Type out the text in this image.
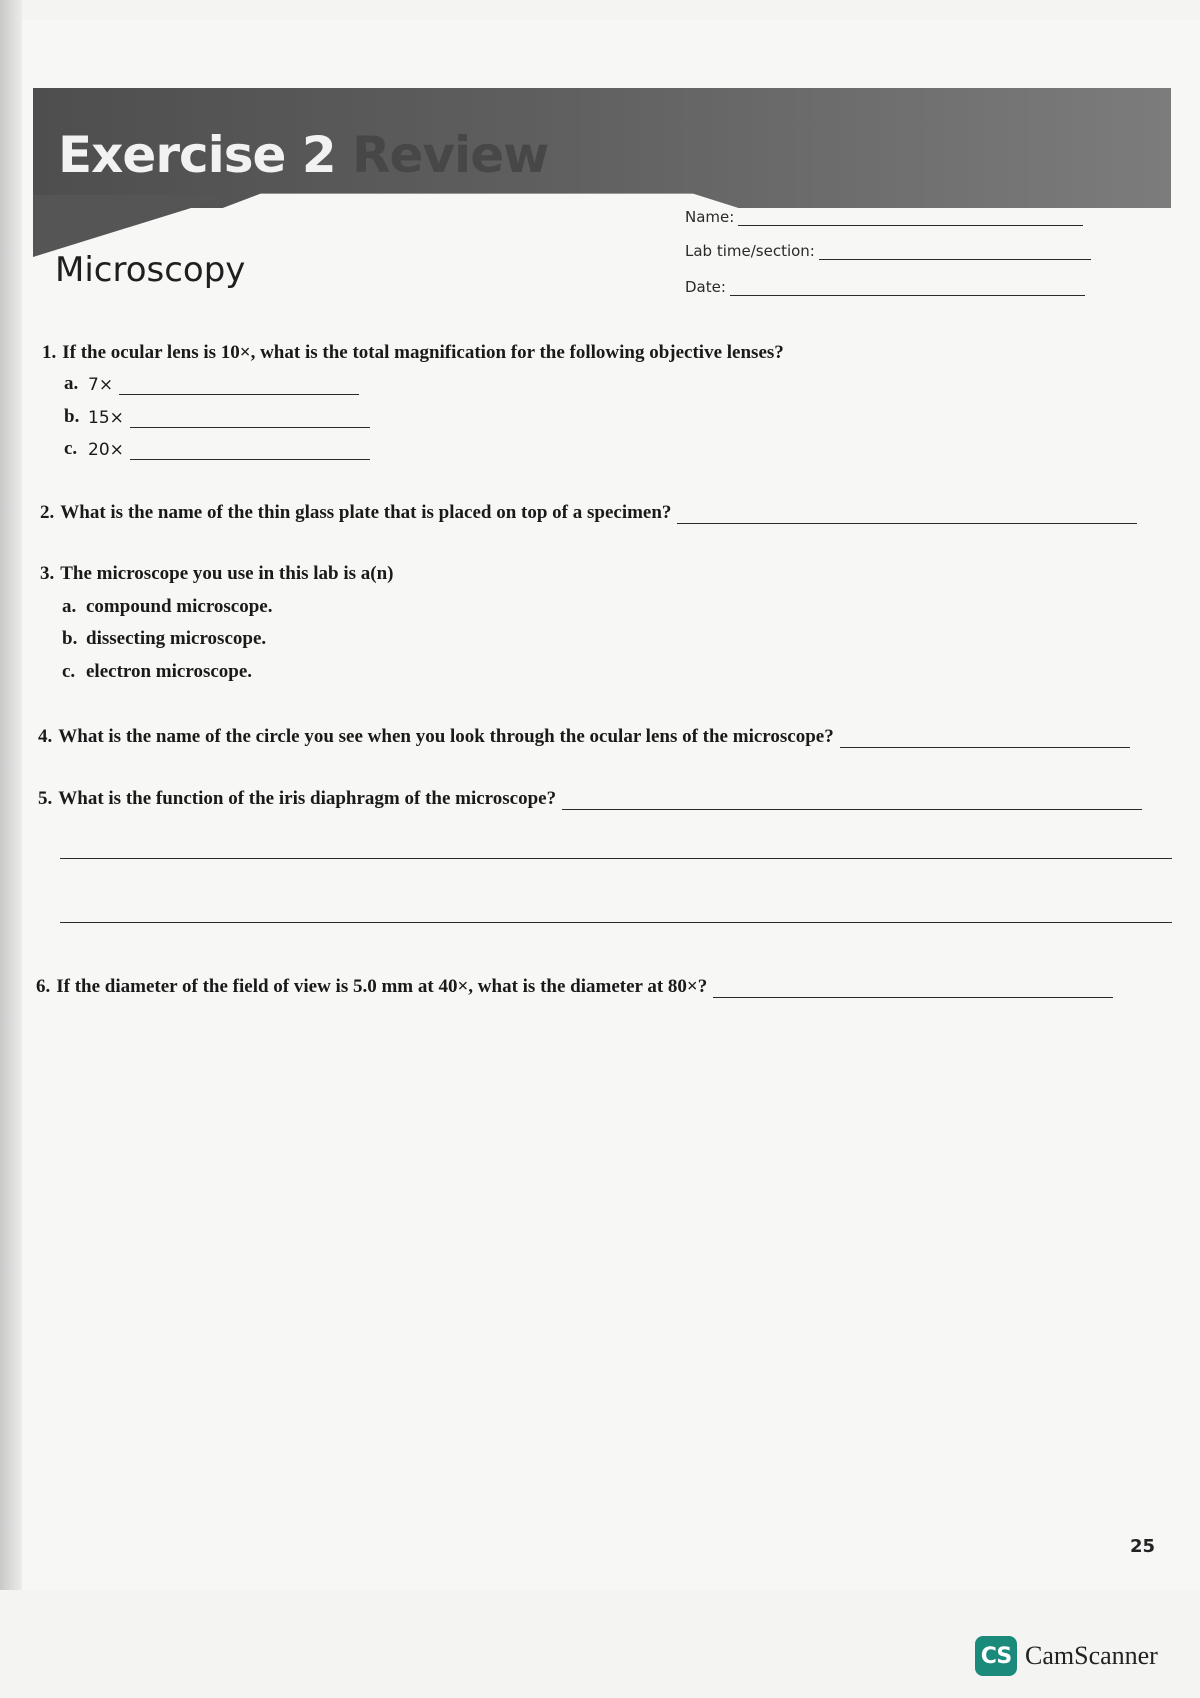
Exercise 2 Review
Microscopy
Name:
Lab time/section:
Date:
1. If the ocular lens is 10×, what is the total magnification for the following objective lenses?
a. 7×
b. 15×
c. 20×
2. What is the name of the thin glass plate that is placed on top of a specimen?
3. The microscope you use in this lab is a(n)
a. compound microscope.
b. dissecting microscope.
c. electron microscope.
4. What is the name of the circle you see when you look through the ocular lens of the microscope?
5. What is the function of the iris diaphragm of the microscope?
6. If the diameter of the field of view is 5.0 mm at 40×, what is the diameter at 80×?
25
CS CamScanner
